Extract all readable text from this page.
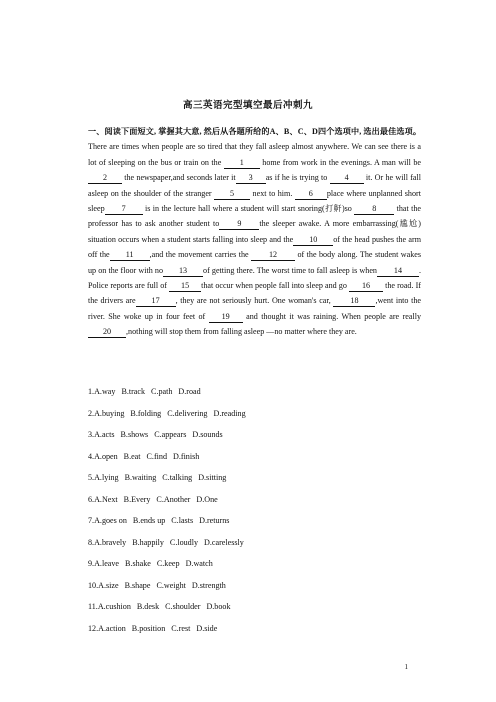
高三英语完型填空最后冲刺九
一、阅读下面短文, 掌握其大意, 然后从各题所给的A、B、C、D四个选项中, 选出最佳选项。 There are times when people are so tired that they fall asleep almost anywhere. We can see there is a lot of sleeping on the bus or train on the 1 home from work in the evenings. A man will be 2 the newspaper,and seconds later it 3 as if he is trying to 4 it. Or he will fall asleep on the shoulder of the stranger 5 next to him. 6 place where unplanned short sleep 7 is in the lecture hall where a student will start snoring(打鼾)so 8 that the professor has to ask another student to 9 the sleeper awake. A more embarrassing(尴尬) situation occurs when a student starts falling into sleep and the 10 of the head pushes the arm off the 11 ,and the movement carries the 12 of the body along. The student wakes up on the floor with no 13 of getting there. The worst time to fall asleep is when 14 . Police reports are full of 15 that occur when people fall into sleep and go 16 the road. If the drivers are 17 , they are not seriously hurt. One woman's car, 18 ,went into the river. She woke up in four feet of 19 and thought it was raining. When people are really 20 ,nothing will stop them from falling asleep —no matter where they are.
1.A.way B.track C.path D.road
2.A.buying B.folding C.delivering D.reading
3.A.acts B.shows C.appears D.sounds
4.A.open B.eat C.find D.finish
5.A.lying B.waiting C.talking D.sitting
6.A.Next B.Every C.Another D.One
7.A.goes on B.ends up C.lasts D.returns
8.A.bravely B.happily C.loudly D.carelessly
9.A.leave B.shake C.keep D.watch
10.A.size B.shape C.weight D.strength
11.A.cushion B.desk C.shoulder D.book
12.A.action B.position C.rest D.side
1
